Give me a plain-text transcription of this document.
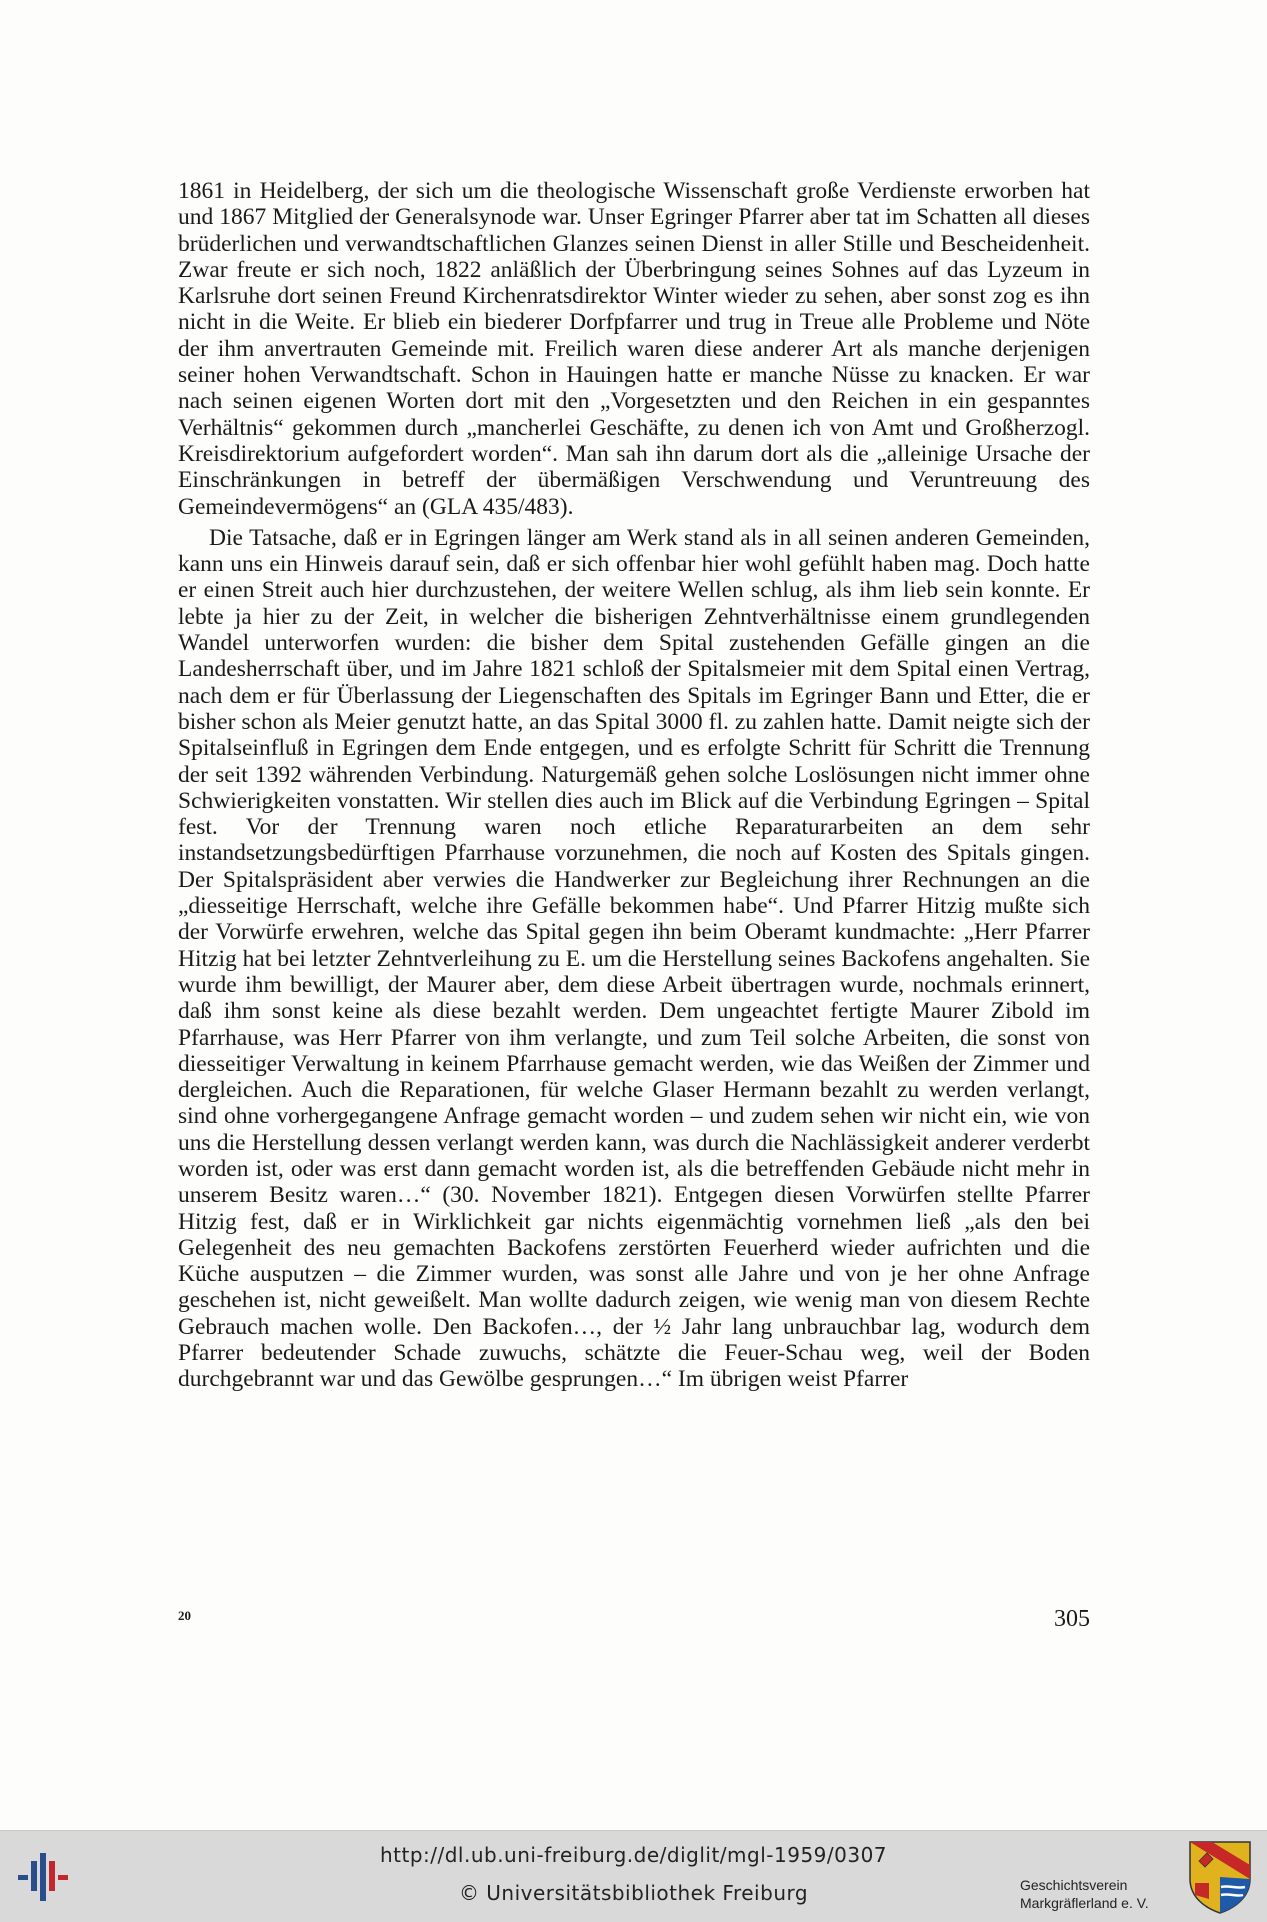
1861 in Heidelberg, der sich um die theologische Wissenschaft große Verdienste erworben hat und 1867 Mitglied der Generalsynode war. Unser Egringer Pfarrer aber tat im Schatten all dieses brüderlichen und verwandtschaftlichen Glanzes seinen Dienst in aller Stille und Bescheidenheit. Zwar freute er sich noch, 1822 anläßlich der Überbringung seines Sohnes auf das Lyzeum in Karlsruhe dort seinen Freund Kirchenratsdirektor Winter wieder zu sehen, aber sonst zog es ihn nicht in die Weite. Er blieb ein biederer Dorfpfarrer und trug in Treue alle Probleme und Nöte der ihm anvertrauten Gemeinde mit. Freilich waren diese anderer Art als manche derjenigen seiner hohen Verwandtschaft. Schon in Hauingen hatte er manche Nüsse zu knacken. Er war nach seinen eigenen Worten dort mit den „Vorgesetzten und den Reichen in ein gespanntes Verhältnis“ gekommen durch „mancherlei Geschäfte, zu denen ich von Amt und Großherzogl. Kreisdirektorium aufgefordert worden“. Man sah ihn darum dort als die „alleinige Ursache der Einschränkungen in betreff der übermäßigen Verschwendung und Veruntreuung des Gemeindevermögens“ an (GLA 435/483).

Die Tatsache, daß er in Egringen länger am Werk stand als in all seinen anderen Gemeinden, kann uns ein Hinweis darauf sein, daß er sich offenbar hier wohl gefühlt haben mag. Doch hatte er einen Streit auch hier durchzustehen, der weitere Wellen schlug, als ihm lieb sein konnte. Er lebte ja hier zu der Zeit, in welcher die bisherigen Zehntverhältnisse einem grundlegenden Wandel unterworfen wurden: die bisher dem Spital zustehenden Gefälle gingen an die Landesherrschaft über, und im Jahre 1821 schloß der Spitalsmeier mit dem Spital einen Vertrag, nach dem er für Überlassung der Liegenschaften des Spitals im Egringer Bann und Etter, die er bisher schon als Meier genutzt hatte, an das Spital 3000 fl. zu zahlen hatte. Damit neigte sich der Spitalseinfluß in Egringen dem Ende entgegen, und es erfolgte Schritt für Schritt die Trennung der seit 1392 währenden Verbindung. Naturgemäß gehen solche Loslösungen nicht immer ohne Schwierigkeiten vonstatten. Wir stellen dies auch im Blick auf die Verbindung Egringen – Spital fest. Vor der Trennung waren noch etliche Reparaturarbeiten an dem sehr instandsetzungsbedürftigen Pfarrhause vorzunehmen, die noch auf Kosten des Spitals gingen. Der Spitalspräsident aber verwies die Handwerker zur Begleichung ihrer Rechnungen an die „diesseitige Herrschaft, welche ihre Gefälle bekommen habe“. Und Pfarrer Hitzig mußte sich der Vorwürfe erwehren, welche das Spital gegen ihn beim Oberamt kundmachte: „Herr Pfarrer Hitzig hat bei letzter Zehntverleihung zu E. um die Herstellung seines Backofens angehalten. Sie wurde ihm bewilligt, der Maurer aber, dem diese Arbeit übertragen wurde, nochmals erinnert, daß ihm sonst keine als diese bezahlt werden. Dem ungeachtet fertigte Maurer Zibold im Pfarrhause, was Herr Pfarrer von ihm verlangte, und zum Teil solche Arbeiten, die sonst von diesseitiger Verwaltung in keinem Pfarrhause gemacht werden, wie das Weißen der Zimmer und dergleichen. Auch die Reparationen, für welche Glaser Hermann bezahlt zu werden verlangt, sind ohne vorhergegangene Anfrage gemacht worden – und zudem sehen wir nicht ein, wie von uns die Herstellung dessen verlangt werden kann, was durch die Nachlässigkeit anderer verderbt worden ist, oder was erst dann gemacht worden ist, als die betreffenden Gebäude nicht mehr in unserem Besitz waren…“ (30. November 1821). Entgegen diesen Vorwürfen stellte Pfarrer Hitzig fest, daß er in Wirklichkeit gar nichts eigenmächtig vornehmen ließ „als den bei Gelegenheit des neu gemachten Backofens zerstörten Feuerherd wieder aufrichten und die Küche ausputzen – die Zimmer wurden, was sonst alle Jahre und von je her ohne Anfrage geschehen ist, nicht geweißelt. Man wollte dadurch zeigen, wie wenig man von diesem Rechte Gebrauch machen wolle. Den Backofen…, der ½ Jahr lang unbrauchbar lag, wodurch dem Pfarrer bedeutender Schade zuwuchs, schätzte die Feuer-Schau weg, weil der Boden durchgebrannt war und das Gewölbe gesprungen…“ Im übrigen weist Pfarrer

20	305
http://dl.ub.uni-freiburg.de/diglit/mgl-1959/0307
© Universitätsbibliothek Freiburg	Geschichtsverein
Markgräflerland e. V.
